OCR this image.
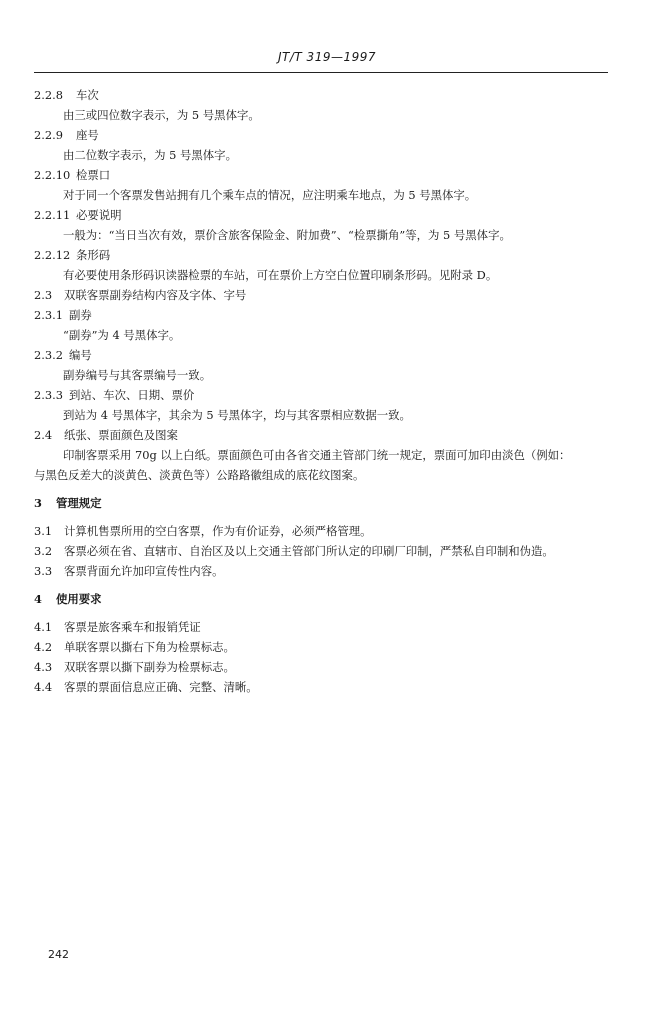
JT/T 319—1997
2.2.8 车次
由三或四位数字表示，为 5 号黑体字。
2.2.9 座号
由二位数字表示，为 5 号黑体字。
2.2.10 检票口
对于同一个客票发售站拥有几个乘车点的情况，应注明乘车地点，为 5 号黑体字。
2.2.11 必要说明
一般为：“当日当次有效，票价含旅客保险金、附加费”、“检票撕角”等，为 5 号黑体字。
2.2.12 条形码
有必要使用条形码识读器检票的车站，可在票价上方空白位置印刷条形码。见附录 D。
2.3 双联客票副券结构内容及字体、字号
2.3.1 副券
“副券”为 4 号黑体字。
2.3.2 编号
副券编号与其客票编号一致。
2.3.3 到站、车次、日期、票价
到站为 4 号黑体字，其余为 5 号黑体字，均与其客票相应数据一致。
2.4 纸张、票面颜色及图案
印制客票采用 70g 以上白纸。票面颜色可由各省交通主管部门统一规定，票面可加印由淡色（例如：
与黑色反差大的淡黄色、淡黄色等）公路路徽组成的底花纹图案。
3 管理规定
3.1 计算机售票所用的空白客票，作为有价证券，必须严格管理。
3.2 客票必须在省、直辖市、自治区及以上交通主管部门所认定的印刷厂印制，严禁私自印制和伪造。
3.3 客票背面允许加印宣传性内容。
4 使用要求
4.1 客票是旅客乘车和报销凭证
4.2 单联客票以撕右下角为检票标志。
4.3 双联客票以撕下副券为检票标志。
4.4 客票的票面信息应正确、完整、清晰。
242
